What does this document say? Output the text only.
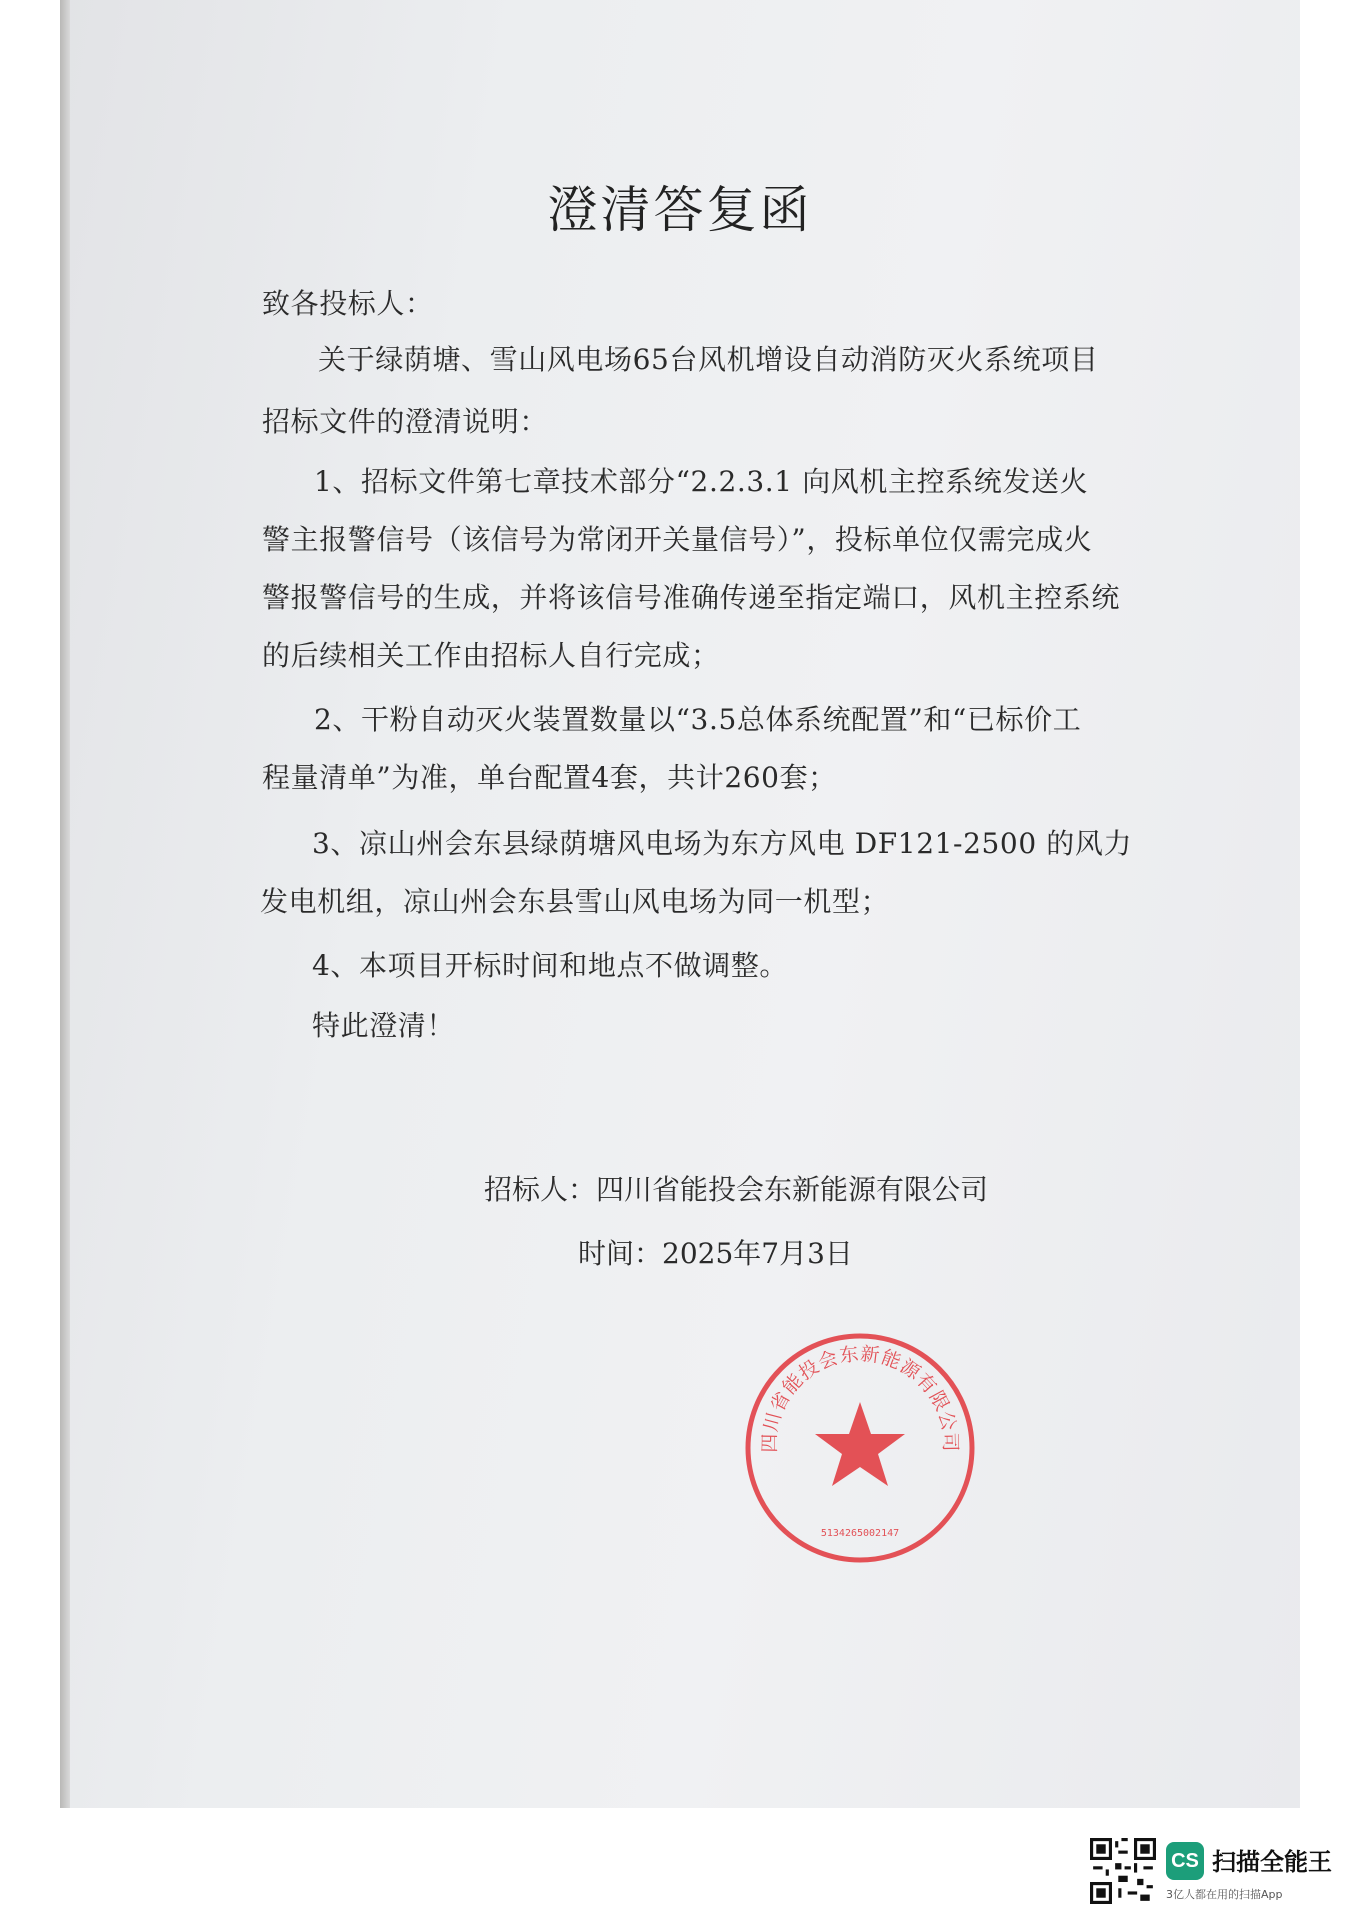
澄清答复函
致各投标人：
关于绿荫塘、雪山风电场65台风机增设自动消防灭火系统项目
招标文件的澄清说明：
1、招标文件第七章技术部分“2.2.3.1 向风机主控系统发送火
警主报警信号（该信号为常闭开关量信号）”，投标单位仅需完成火
警报警信号的生成，并将该信号准确传递至指定端口，风机主控系统
的后续相关工作由招标人自行完成；
2、干粉自动灭火装置数量以“3.5总体系统配置”和“已标价工
程量清单”为准，单台配置4套，共计260套；
3、凉山州会东县绿荫塘风电场为东方风电 DF121-2500 的风力
发电机组，凉山州会东县雪山风电场为同一机型；
4、本项目开标时间和地点不做调整。
特此澄清！
四川省能投会东新能源有限公司
5134265002147
招标人：四川省能投会东新能源有限公司
时间：2025年7月3日
CS 扫描全能王
3亿人都在用的扫描App
